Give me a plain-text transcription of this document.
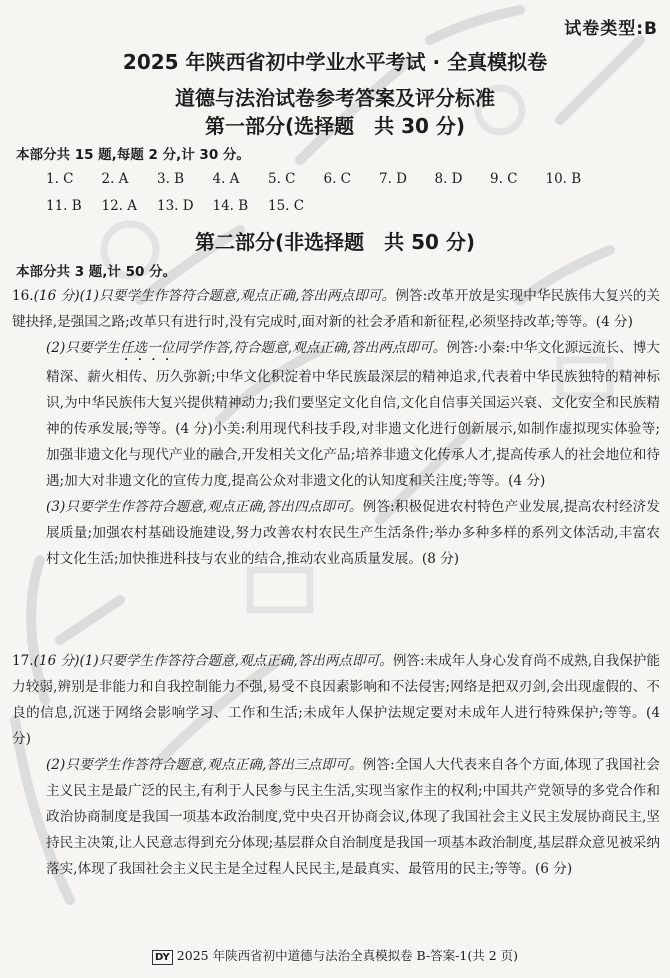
试卷类型:B
2025 年陕西省初中学业水平考试 · 全真模拟卷
道德与法治试卷参考答案及评分标准
第一部分(选择题　共 30 分)
本部分共 15 题,每题 2 分,计 30 分。
1. C	2. A	3. B	4. A	5. C	6. C	7. D	8. D	9. C	10. B
11. B	12. A	13. D	14. B	15. C
第二部分(非选择题　共 50 分)
本部分共 3 题,计 50 分。
16.(16 分)(1)只要学生作答符合题意,观点正确,答出两点即可。例答:改革开放是实现中华民族伟大复兴的关键抉择,是强国之路;改革只有进行时,没有完成时,面对新的社会矛盾和新征程,必须坚持改革;等等。(4 分)
(2)只要学生任选一位同学作答,符合题意,观点正确,答出两点即可。例答:小秦:中华文化源远流长、博大精深、薪火相传、历久弥新;中华文化积淀着中华民族最深层的精神追求,代表着中华民族独特的精神标识,为中华民族伟大复兴提供精神动力;我们要坚定文化自信,文化自信事关国运兴衰、文化安全和民族精神的传承发展;等等。(4 分)小美:利用现代科技手段,对非遗文化进行创新展示,如制作虚拟现实体验等;加强非遗文化与现代产业的融合,开发相关文化产品;培养非遗文化传承人才,提高传承人的社会地位和待遇;加大对非遗文化的宣传力度,提高公众对非遗文化的认知度和关注度;等等。(4 分)
(3)只要学生作答符合题意,观点正确,答出四点即可。例答:积极促进农村特色产业发展,提高农村经济发展质量;加强农村基础设施建设,努力改善农村农民生产生活条件;举办多种多样的系列文体活动,丰富农村文化生活;加快推进科技与农业的结合,推动农业高质量发展。(8 分)
17.(16 分)(1)只要学生作答符合题意,观点正确,答出两点即可。例答:未成年人身心发育尚不成熟,自我保护能力较弱,辨别是非能力和自我控制能力不强,易受不良因素影响和不法侵害;网络是把双刃剑,会出现虚假的、不良的信息,沉迷于网络会影响学习、工作和生活;未成年人保护法规定要对未成年人进行特殊保护;等等。(4 分)
(2)只要学生作答符合题意,观点正确,答出三点即可。例答:全国人大代表来自各个方面,体现了我国社会主义民主是最广泛的民主,有利于人民参与民主生活,实现当家作主的权利;中国共产党领导的多党合作和政治协商制度是我国一项基本政治制度,党中央召开协商会议,体现了我国社会主义民主发展协商民主,坚持民主决策,让人民意志得到充分体现;基层群众自治制度是我国一项基本政治制度,基层群众意见被采纳落实,体现了我国社会主义民主是全过程人民民主,是最真实、最管用的民主;等等。(6 分)
DY 2025 年陕西省初中道德与法治全真模拟卷 B-答案-1(共 2 页)
